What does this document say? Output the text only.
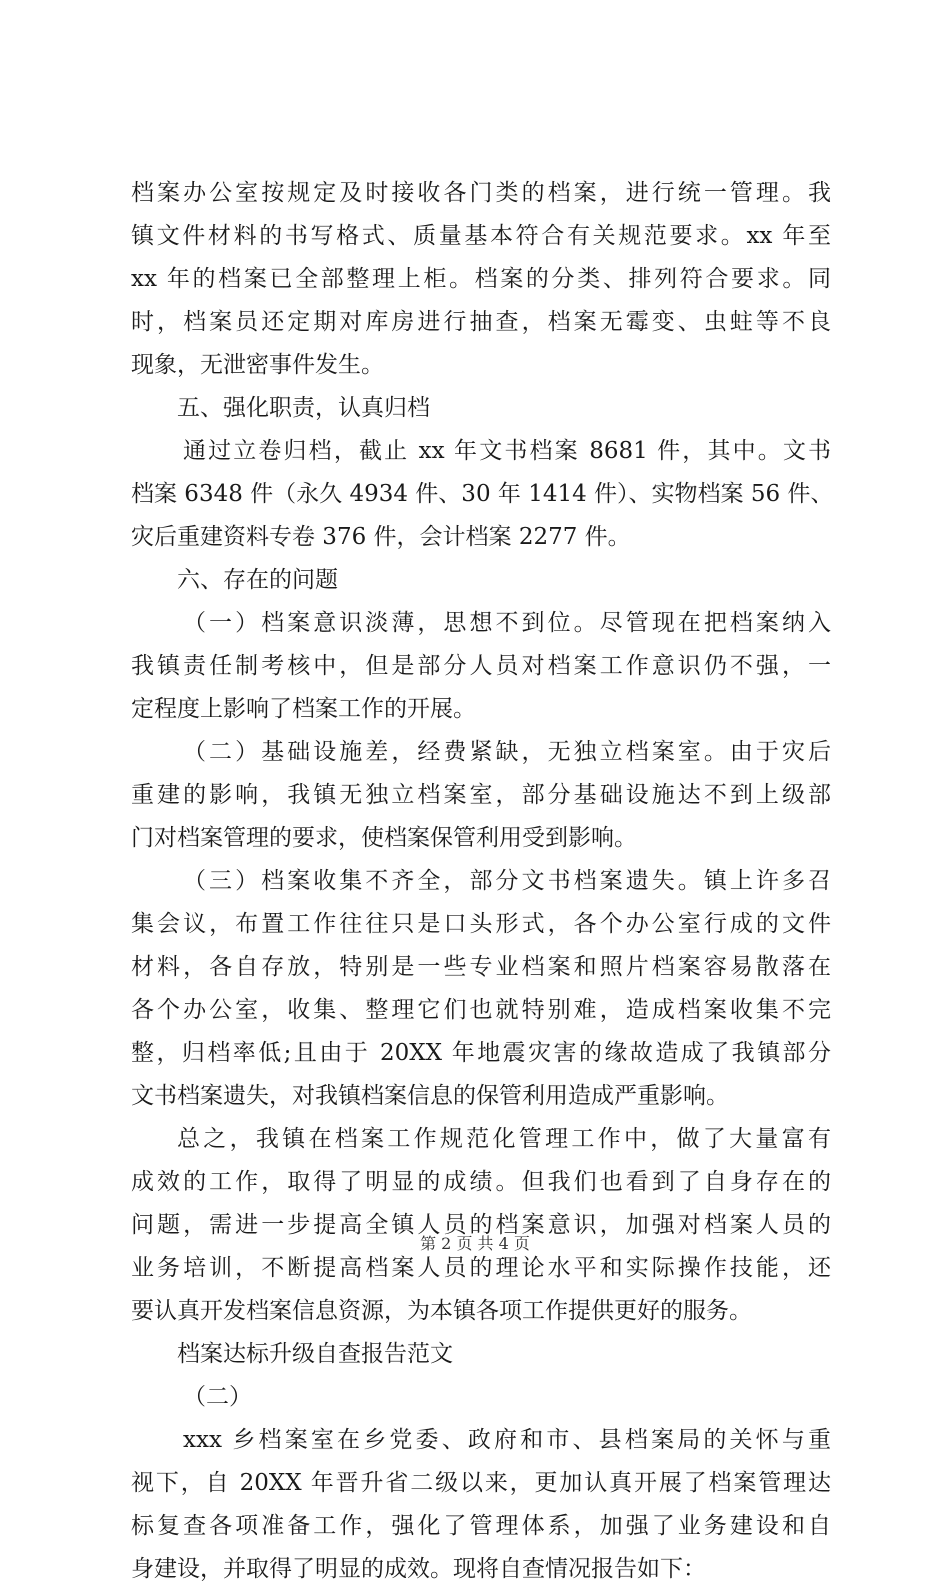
档案办公室按规定及时接收各门类的档案，进行统一管理。我
镇文件材料的书写格式、质量基本符合有关规范要求。xx 年至
xx 年的档案已全部整理上柜。档案的分类、排列符合要求。同
时，档案员还定期对库房进行抽查，档案无霉变、虫蛀等不良
现象，无泄密事件发生。
五、强化职责，认真归档
通过立卷归档，截止 xx 年文书档案 8681 件，其中。文书
档案 6348 件（永久 4934 件、30 年 1414 件）、实物档案 56 件、
灾后重建资料专卷 376 件，会计档案 2277 件。
六、存在的问题
（一）档案意识淡薄，思想不到位。尽管现在把档案纳入
我镇责任制考核中，但是部分人员对档案工作意识仍不强，一
定程度上影响了档案工作的开展。
（二）基础设施差，经费紧缺，无独立档案室。由于灾后
重建的影响，我镇无独立档案室，部分基础设施达不到上级部
门对档案管理的要求，使档案保管利用受到影响。
（三）档案收集不齐全，部分文书档案遗失。镇上许多召
集会议，布置工作往往只是口头形式，各个办公室行成的文件
材料，各自存放，特别是一些专业档案和照片档案容易散落在
各个办公室，收集、整理它们也就特别难，造成档案收集不完
整，归档率低;且由于 20XX 年地震灾害的缘故造成了我镇部分
文书档案遗失，对我镇档案信息的保管利用造成严重影响。
总之，我镇在档案工作规范化管理工作中，做了大量富有
成效的工作，取得了明显的成绩。但我们也看到了自身存在的
问题，需进一步提高全镇人员的档案意识，加强对档案人员的
业务培训，不断提高档案人员的理论水平和实际操作技能，还
要认真开发档案信息资源，为本镇各项工作提供更好的服务。
档案达标升级自查报告范文
（二）
xxx 乡档案室在乡党委、政府和市、县档案局的关怀与重
视下，自 20XX 年晋升省二级以来，更加认真开展了档案管理达
标复查各项准备工作，强化了管理体系，加强了业务建设和自
身建设，并取得了明显的成效。现将自查情况报告如下：
第 2 页 共 4 页
